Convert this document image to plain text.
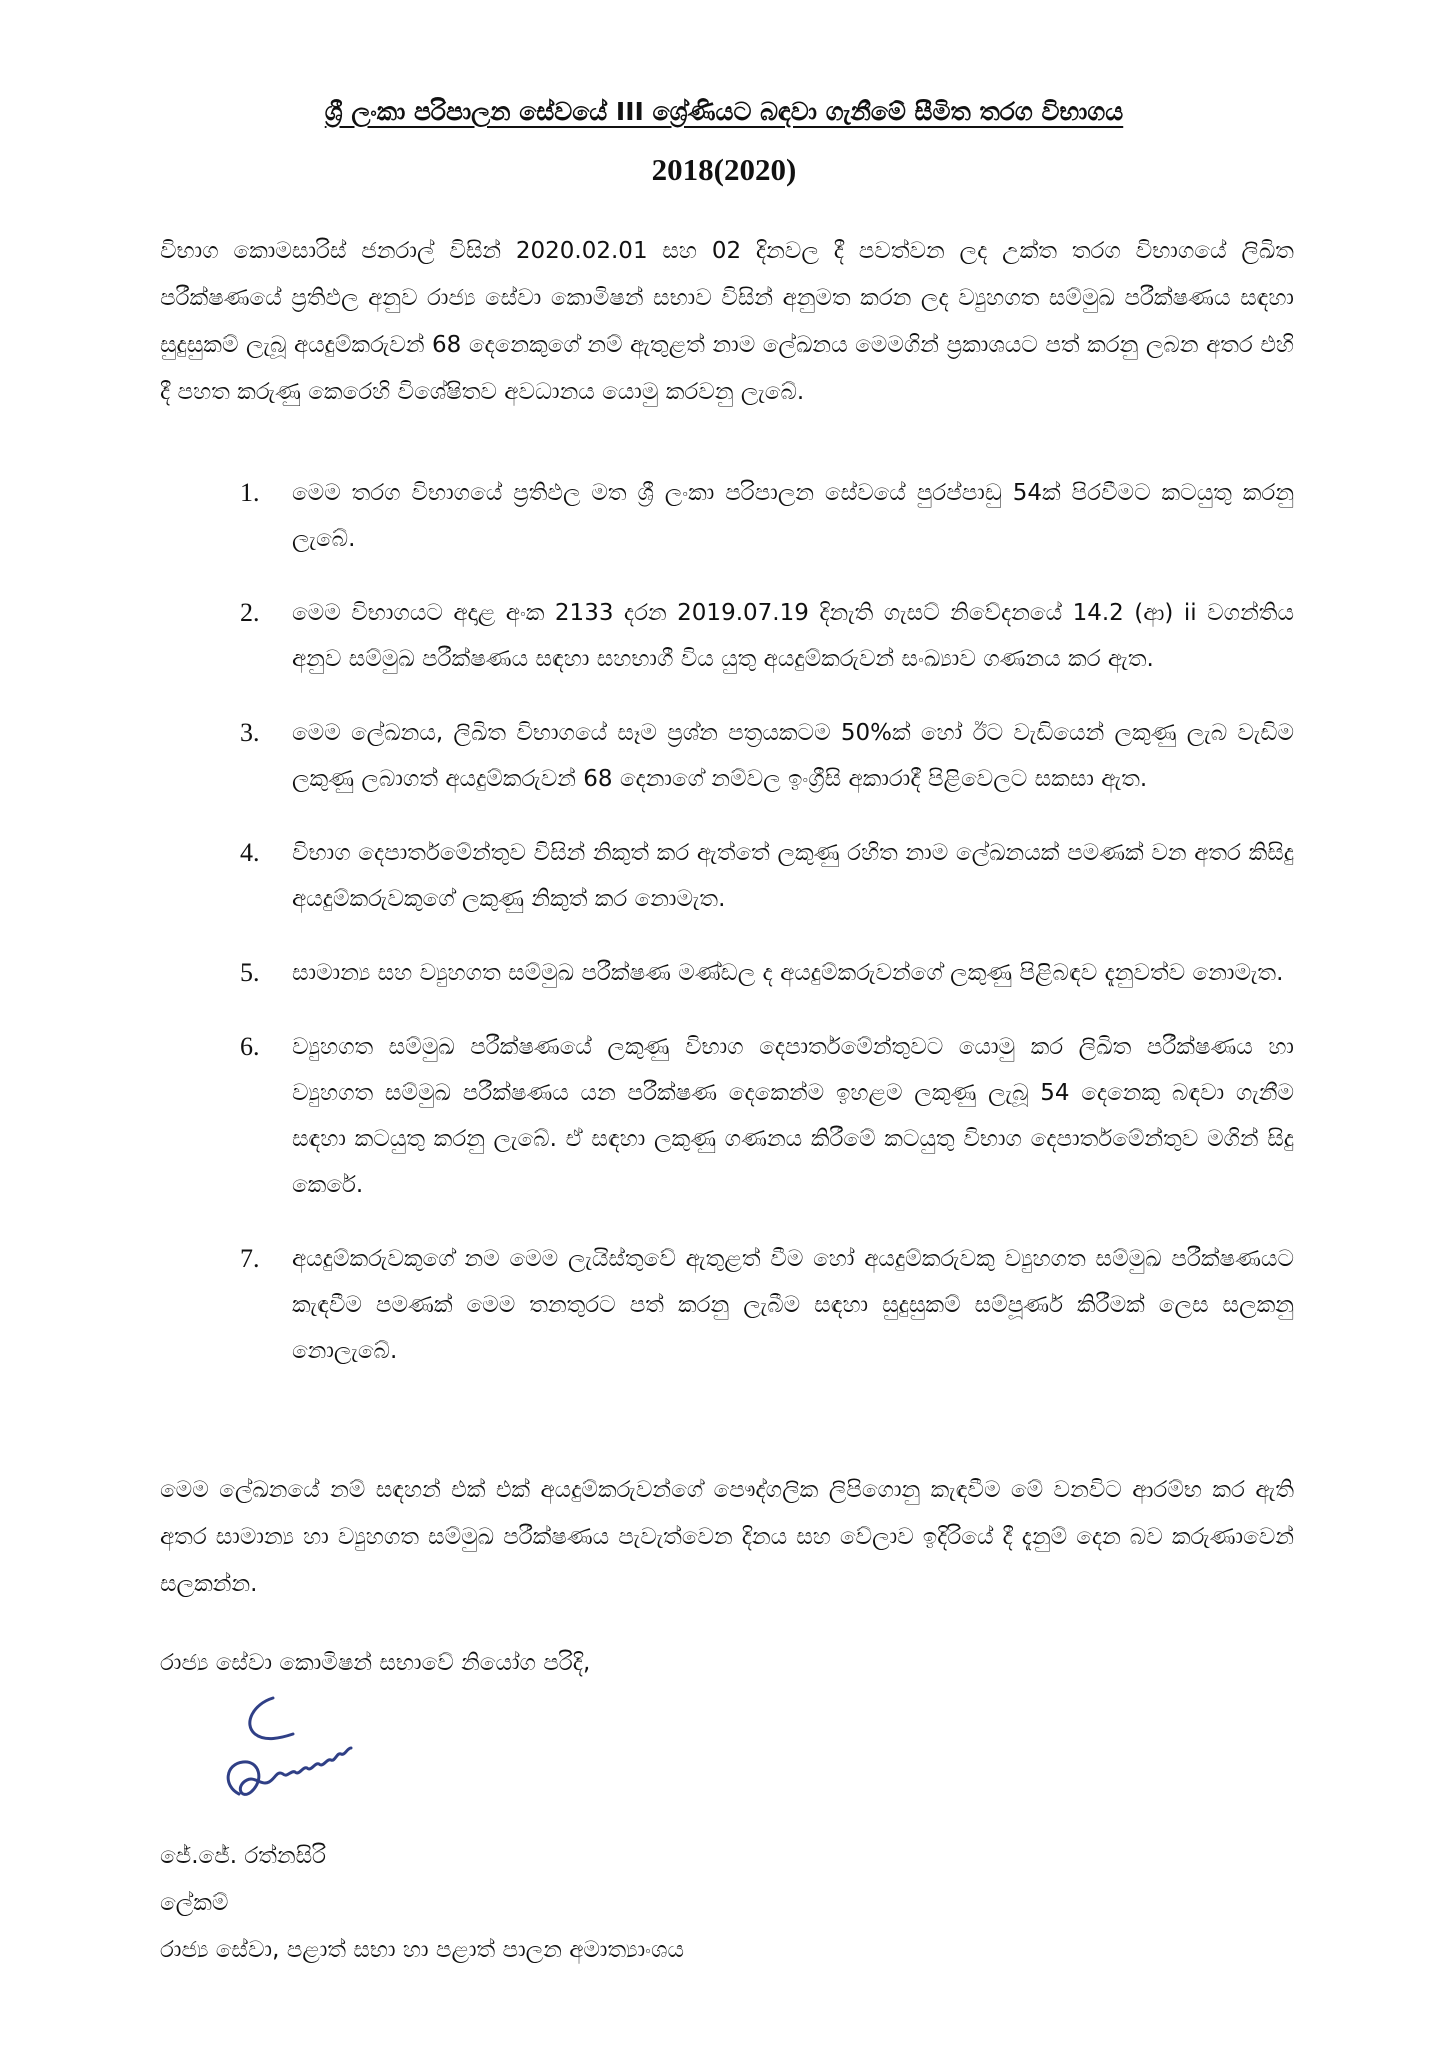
ශ්‍රී ලංකා පරිපාලන සේවයේ III ශ්‍රේණියට බඳවා ගැනීමේ සීමිත තරග විභාගය
2018(2020)
විභාග කොමසාරිස් ජනරාල් විසින් 2020.02.01 සහ 02 දිනවල දී පවත්වන ලද උක්ත තරග විභාගයේ ලිඛිත පරීක්ෂණයේ ප්‍රතිඵල අනුව රාජ්‍ය සේවා කොමිෂන් සභාව විසින් අනුමත කරන ලද ව්‍යුහගත සම්මුඛ පරීක්ෂණය සඳහා සුදුසුකම් ලැබූ අයදුම්කරුවන් 68 දෙනෙකුගේ නම් ඇතුළත් නාම ලේඛනය මෙමගින් ප්‍රකාශයට පත් කරනු ලබන අතර එහි දී පහත කරුණු කෙරෙහි විශේෂිතව අවධානය යොමු කරවනු ලැබේ.
1. මෙම තරග විභාගයේ ප්‍රතිඵල මත ශ්‍රී ලංකා පරිපාලන සේවයේ පුරප්පාඩු 54ක් පිරවීමට කටයුතු කරනු ලැබේ.
2. මෙම විභාගයට අදාළ අංක 2133 දරන 2019.07.19 දිනැති ගැසට් නිවේදනයේ 14.2 (ආ) ii වගන්තිය අනුව සම්මුඛ පරීක්ෂණය සඳහා සහභාගී විය යුතු අයදුම්කරුවන් සංඛ්‍යාව ගණනය කර ඇත.
3. මෙම ලේඛනය, ලිඛිත විභාගයේ සෑම ප්‍රශ්න පත්‍රයකටම 50%ක් හෝ ඊට වැඩියෙන් ලකුණු ලැබ වැඩිම ලකුණු ලබාගත් අයදුම්කරුවන් 68 දෙනාගේ නම්වල ඉංග්‍රීසි අකාරාදී පිළිවෙලට සකසා ඇත.
4. විභාග දෙපාර්තමේන්තුව විසින් නිකුත් කර ඇත්තේ ලකුණු රහිත නාම ලේඛනයක් පමණක් වන අතර කිසිදු අයදුම්කරුවකුගේ ලකුණු නිකුත් කර නොමැත.
5. සාමාන්‍ය සහ ව්‍යුහගත සම්මුඛ පරීක්ෂණ මණ්ඩල ද අයදුම්කරුවන්ගේ ලකුණු පිළිබඳව දැනුවත්ව නොමැත.
6. ව්‍යුහගත සම්මුඛ පරීක්ෂණයේ ලකුණු විභාග දෙපාර්තමේන්තුවට යොමු කර ලිඛිත පරීක්ෂණය හා ව්‍යුහගත සම්මුඛ පරීක්ෂණය යන පරීක්ෂණ දෙකෙන්ම ඉහළම ලකුණු ලැබූ 54 දෙනෙකු බඳවා ගැනීම සඳහා කටයුතු කරනු ලැබේ. ඒ සඳහා ලකුණු ගණනය කිරීමේ කටයුතු විභාග දෙපාර්තමේන්තුව මගින් සිදු කෙරේ.
7. අයදුම්කරුවකුගේ නම මෙම ලැයිස්තුවේ ඇතුළත් වීම හෝ අයදුම්කරුවකු ව්‍යුහගත සම්මුඛ පරීක්ෂණයට කැඳවීම පමණක් මෙම තනතුරට පත් කරනු ලැබීම සඳහා සුදුසුකම් සම්පූර්ණ කිරීමක් ලෙස සලකනු නොලැබේ.
මෙම ලේඛනයේ නම් සඳහන් එක් එක් අයදුම්කරුවන්ගේ පෞද්ගලික ලිපිගොනු කැඳවීම මේ වනවිට ආරම්භ කර ඇති අතර සාමාන්‍ය හා ව්‍යුහගත සම්මුඛ පරීක්ෂණය පැවැත්වෙන දිනය සහ වේලාව ඉදිරියේ දී දැනුම් දෙන බව කරුණාවෙන් සලකන්න.
රාජ්‍ය සේවා කොමිෂන් සභාවේ නියෝග පරිදි,
ජේ.ජේ. රත්නසිරි
ලේකම්
රාජ්‍ය සේවා, පළාත් සභා හා පළාත් පාලන අමාත්‍යාංශය
